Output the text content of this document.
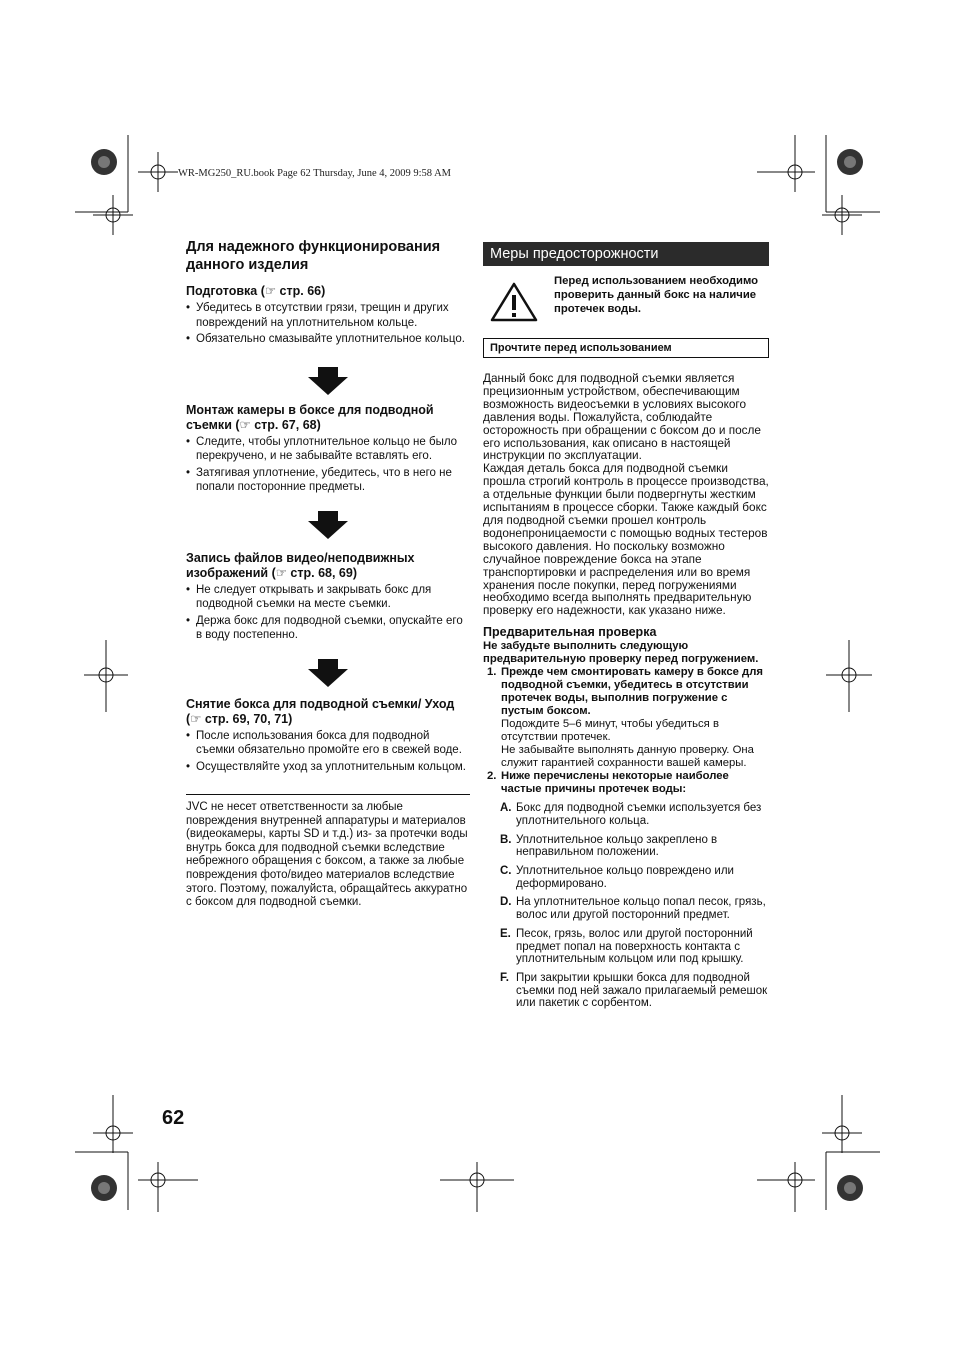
WR-MG250_RU.book Page 62 Thursday, June 4, 2009 9:58 AM
Для надежного функционирования данного изделия
Подготовка (☞ стр. 66)
• Убедитесь в отсутствии грязи, трещин и других повреждений на уплотнительном кольце.
• Обязательно смазывайте уплотнительное кольцо.
Монтаж камеры в боксе для подводной съемки (☞ стр. 67, 68)
• Следите, чтобы уплотнительное кольцо не было перекручено, и не забывайте вставлять его.
• Затягивая уплотнение, убедитесь, что в него не попали посторонние предметы.
Запись файлов видео/неподвижных изображений (☞ стр. 68, 69)
• Не следует открывать и закрывать бокс для подводной съемки на месте съемки.
• Держа бокс для подводной съемки, опускайте его в воду постепенно.
Снятие бокса для подводной съемки/ Уход (☞ стр. 69, 70, 71)
• После использования бокса для подводной съемки обязательно промойте его в свежей воде.
• Осуществляйте уход за уплотнительным кольцом.

JVC не несет ответственности за любые повреждения внутренней аппаратуры и материалов (видеокамеры, карты SD и т.д.) из- за протечки воды внутрь бокса для подводной съемки вследствие небрежного обращения с боксом, а также за любые повреждения фото/видео материалов вследствие этого. Поэтому, пожалуйста, обращайтесь аккуратно с боксом для подводной съемки.

Меры предосторожности
Перед использованием необходимо проверить данный бокс на наличие протечек воды.
Прочтите перед использованием

Данный бокс для подводной съемки является прецизионным устройством, обеспечивающим возможность видеосъемки в условиях высокого давления воды. Пожалуйста, соблюдайте осторожность при обращении с боксом до и после его использования, как описано в настоящей инструкции по эксплуатации.

Каждая деталь бокса для подводной съемки прошла строгий контроль в процессе производства, а отдельные функции были подвергнуты жестким испытаниям в процессе сборки. Также каждый бокс для подводной съемки прошел контроль водонепроницаемости с помощью водных тестеров высокого давления. Но поскольку возможно случайное повреждение бокса на этапе транспортировки и распределения или во время хранения после покупки, перед погружениями необходимо всегда выполнять предварительную проверку его надежности, как указано ниже.

Предварительная проверка

Не забудьте выполнить следующую предварительную проверку перед погружением.

1. Прежде чем смонтировать камеру в боксе для подводной съемки, убедитесь в отсутствии протечек воды, выполнив погружение с пустым боксом.
Подождите 5–6 минут, чтобы убедиться в отсутствии протечек.
Не забывайте выполнять данную проверку. Она служит гарантией сохранности вашей камеры.
2. Ниже перечислены некоторые наиболее частые причины протечек воды:
A. Бокс для подводной съемки используется без уплотнительного кольца.
B. Уплотнительное кольцо закреплено в неправильном положении.
C. Уплотнительное кольцо повреждено или деформировано.
D. На уплотнительное кольцо попал песок, грязь, волос или другой посторонний предмет.
E. Песок, грязь, волос или другой посторонний предмет попал на поверхность контакта с уплотнительным кольцом или под крышку.
F. При закрытии крышки бокса для подводной съемки под ней зажало прилагаемый ремешок или пакетик с сорбентом.
62
